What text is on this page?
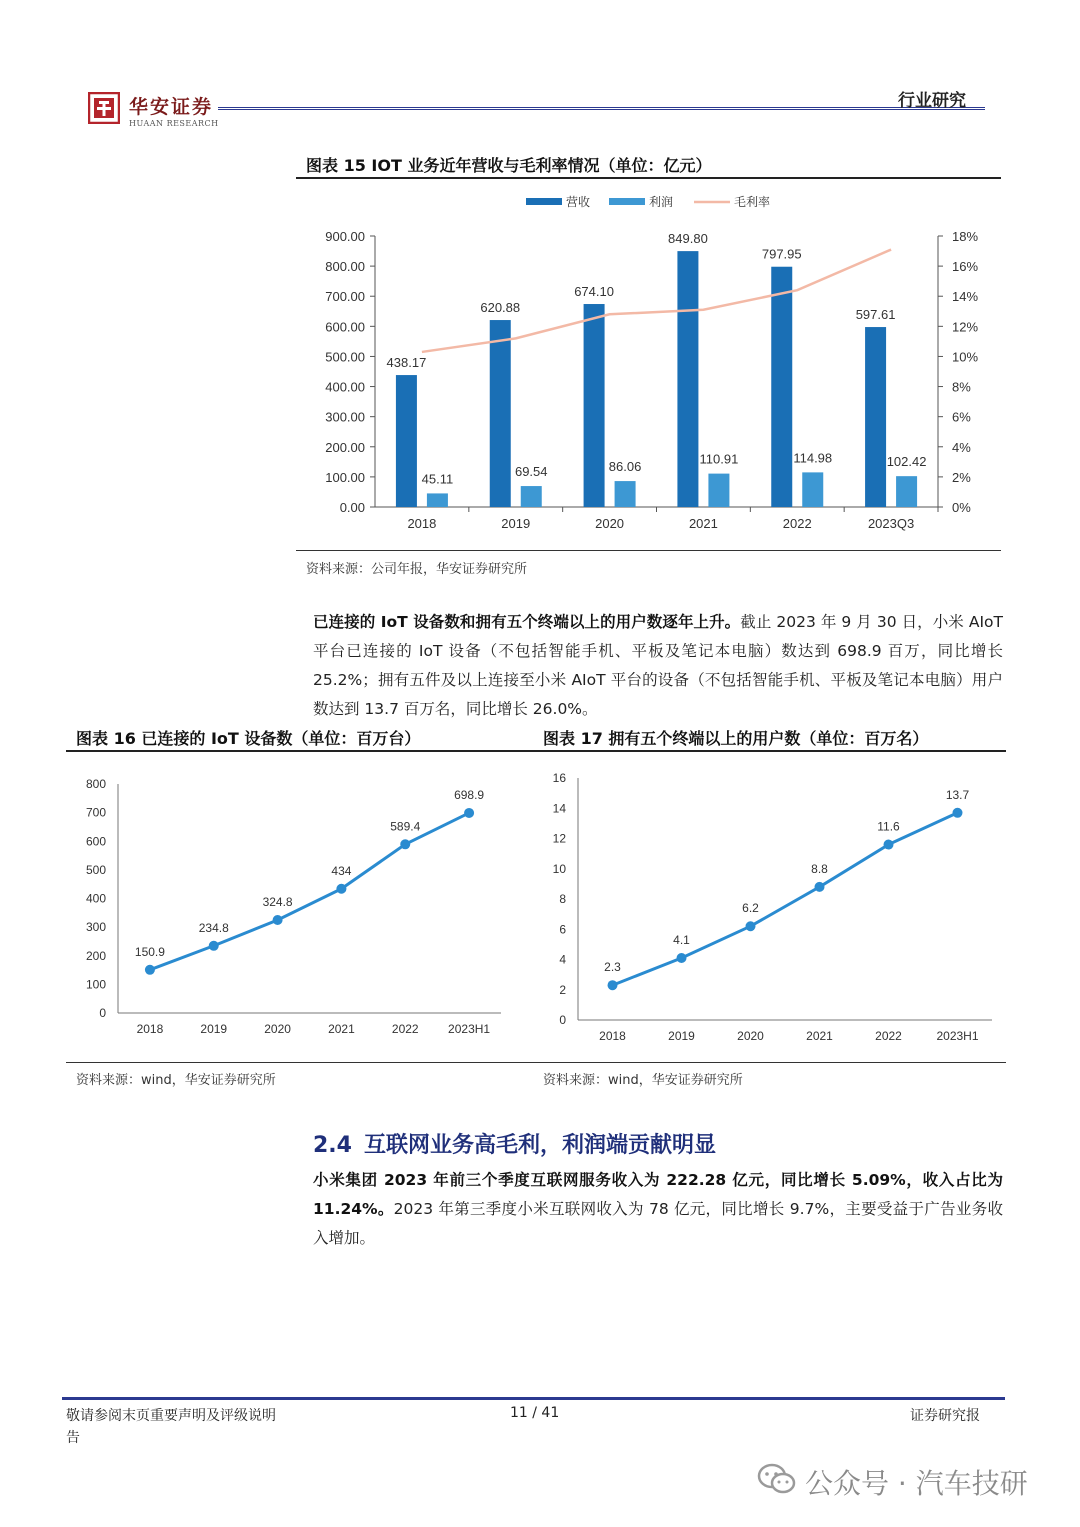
华安证券
HUAAN RESEARCH
行业研究
图表 15 IOT 业务近年营收与毛利率情况（单位：亿元）
营收	利润	毛利率
0.00
100.00
200.00
300.00
400.00
500.00
600.00
700.00
800.00
900.00
0%
2%
4%
6%
8%
10%
12%
14%
16%
18%
2018
438.17
45.11
2019
620.88
69.54
2020
674.10
86.06
2021
849.80
110.91
2022
797.95
114.98
2023Q3
597.61
102.42
资料来源：公司年报，华安证券研究所
已连接的 IoT 设备数和拥有五个终端以上的用户数逐年上升。截止 2023 年 9 月 30 日，小米 AIoT 平台已连接的 IoT 设备（不包括智能手机、平板及笔记本电脑）数达到 698.9 百万，同比增长 25.2%；拥有五件及以上连接至小米 AIoT 平台的设备（不包括智能手机、平板及笔记本电脑）用户数达到 13.7 百万名，同比增长 26.0%。
图表 16 已连接的 IoT 设备数（单位：百万台）	图表 17 拥有五个终端以上的用户数（单位：百万名）
0
100
200
300
400
500
600
700
800
2018	2019	2020	2021	2022 2023H1
150.9
234.8
324.8
434
589.4
698.9
0
2
4
6
8
10
12
14
16
2018	2019	2020	2021	2022	2023H1
2.3
4.1
6.2
8.8
11.6
13.7
资料来源：wind，华安证券研究所	资料来源：wind，华安证券研究所
2.4 互联网业务高毛利，利润端贡献明显
小米集团 2023 年前三个季度互联网服务收入为 222.28 亿元，同比增长 5.09%，收入占比为 11.24%。2023 年第三季度小米互联网收入为 78 亿元，同比增长 9.7%，主要受益于广告业务收入增加。
敬请参阅末页重要声明及评级说明
告
11 / 41	证券研究报
公众号 · 汽车技研
